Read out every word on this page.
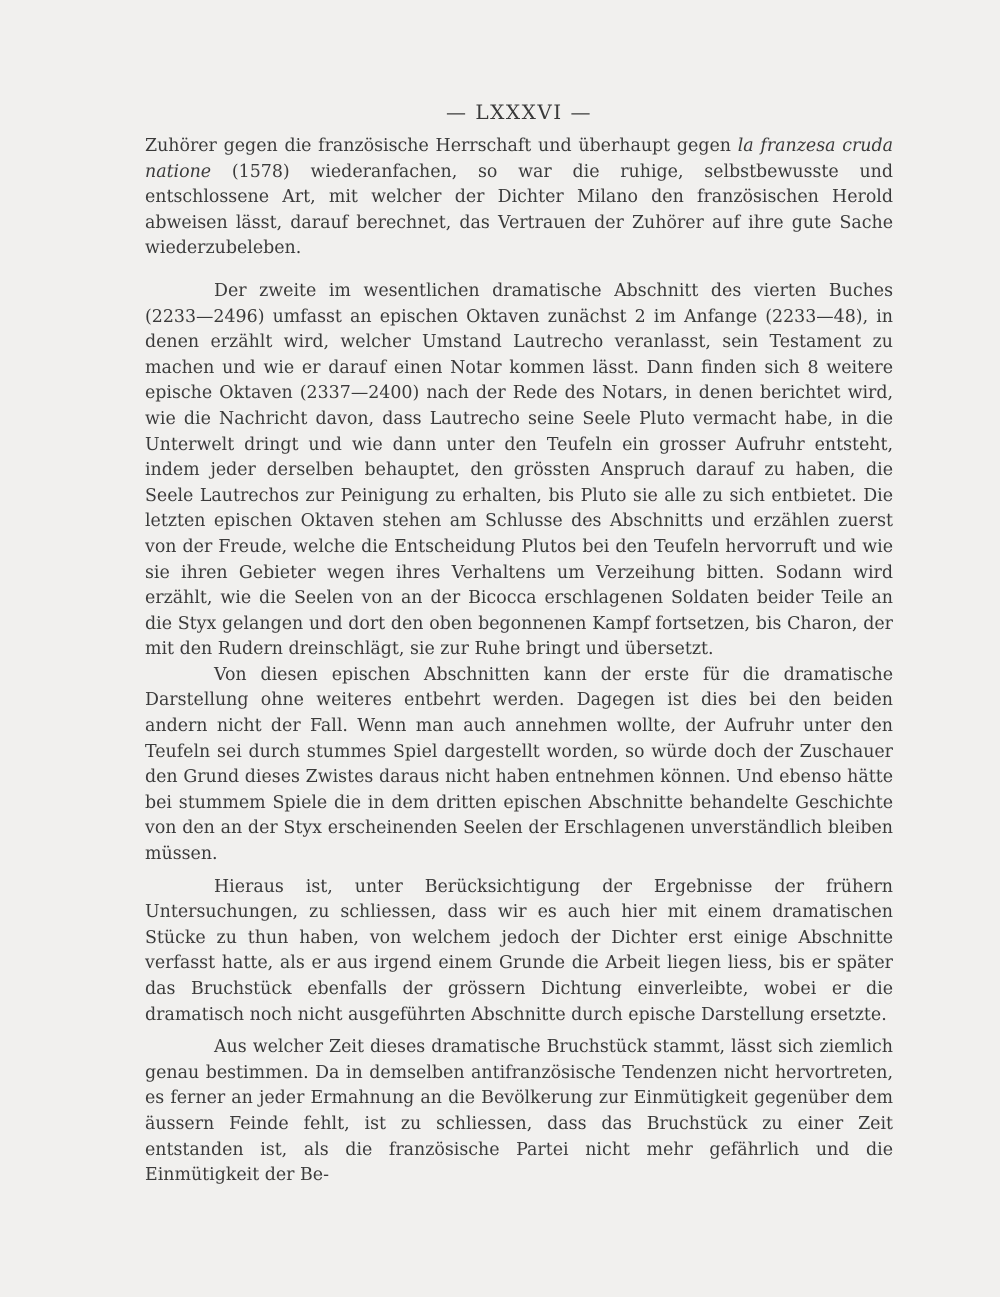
— LXXXVI —

Zuhörer gegen die französische Herrschaft und überhaupt gegen la franzesa cruda natione (1578) wiederanfachen, so war die ruhige, selbstbewusste und entschlossene Art, mit welcher der Dichter Milano den französischen Herold abweisen lässt, darauf berechnet, das Vertrauen der Zuhörer auf ihre gute Sache wiederzubeleben.

Der zweite im wesentlichen dramatische Abschnitt des vierten Buches (2233—2496) umfasst an epischen Oktaven zunächst 2 im Anfange (2233—48), in denen erzählt wird, welcher Umstand Lautrecho veranlasst, sein Testament zu machen und wie er darauf einen Notar kommen lässt. Dann finden sich 8 weitere epische Oktaven (2337—2400) nach der Rede des Notars, in denen berichtet wird, wie die Nachricht davon, dass Lautrecho seine Seele Pluto vermacht habe, in die Unterwelt dringt und wie dann unter den Teufeln ein grosser Aufruhr entsteht, indem jeder derselben behauptet, den grössten Anspruch darauf zu haben, die Seele Lautrechos zur Peinigung zu erhalten, bis Pluto sie alle zu sich entbietet. Die letzten epischen Oktaven stehen am Schlusse des Abschnitts und erzählen zuerst von der Freude, welche die Entscheidung Plutos bei den Teufeln hervorruft und wie sie ihren Gebieter wegen ihres Verhaltens um Verzeihung bitten. Sodann wird erzählt, wie die Seelen von an der Bicocca erschlagenen Soldaten beider Teile an die Styx gelangen und dort den oben begonnenen Kampf fortsetzen, bis Charon, der mit den Rudern dreinschlägt, sie zur Ruhe bringt und übersetzt.

Von diesen epischen Abschnitten kann der erste für die dramatische Darstellung ohne weiteres entbehrt werden. Dagegen ist dies bei den beiden andern nicht der Fall. Wenn man auch annehmen wollte, der Aufruhr unter den Teufeln sei durch stummes Spiel dargestellt worden, so würde doch der Zuschauer den Grund dieses Zwistes daraus nicht haben entnehmen können. Und ebenso hätte bei stummem Spiele die in dem dritten epischen Abschnitte behandelte Geschichte von den an der Styx erscheinenden Seelen der Erschlagenen unverständlich bleiben müssen.

Hieraus ist, unter Berücksichtigung der Ergebnisse der frühern Untersuchungen, zu schliessen, dass wir es auch hier mit einem dramatischen Stücke zu thun haben, von welchem jedoch der Dichter erst einige Abschnitte verfasst hatte, als er aus irgend einem Grunde die Arbeit liegen liess, bis er später das Bruchstück ebenfalls der grössern Dichtung einverleibte, wobei er die dramatisch noch nicht ausgeführten Abschnitte durch epische Darstellung ersetzte.

Aus welcher Zeit dieses dramatische Bruchstück stammt, lässt sich ziemlich genau bestimmen. Da in demselben antifranzösische Tendenzen nicht hervortreten, es ferner an jeder Ermahnung an die Bevölkerung zur Einmütigkeit gegenüber dem äussern Feinde fehlt, ist zu schliessen, dass das Bruchstück zu einer Zeit entstanden ist, als die französische Partei nicht mehr gefährlich und die Einmütigkeit der Be-
